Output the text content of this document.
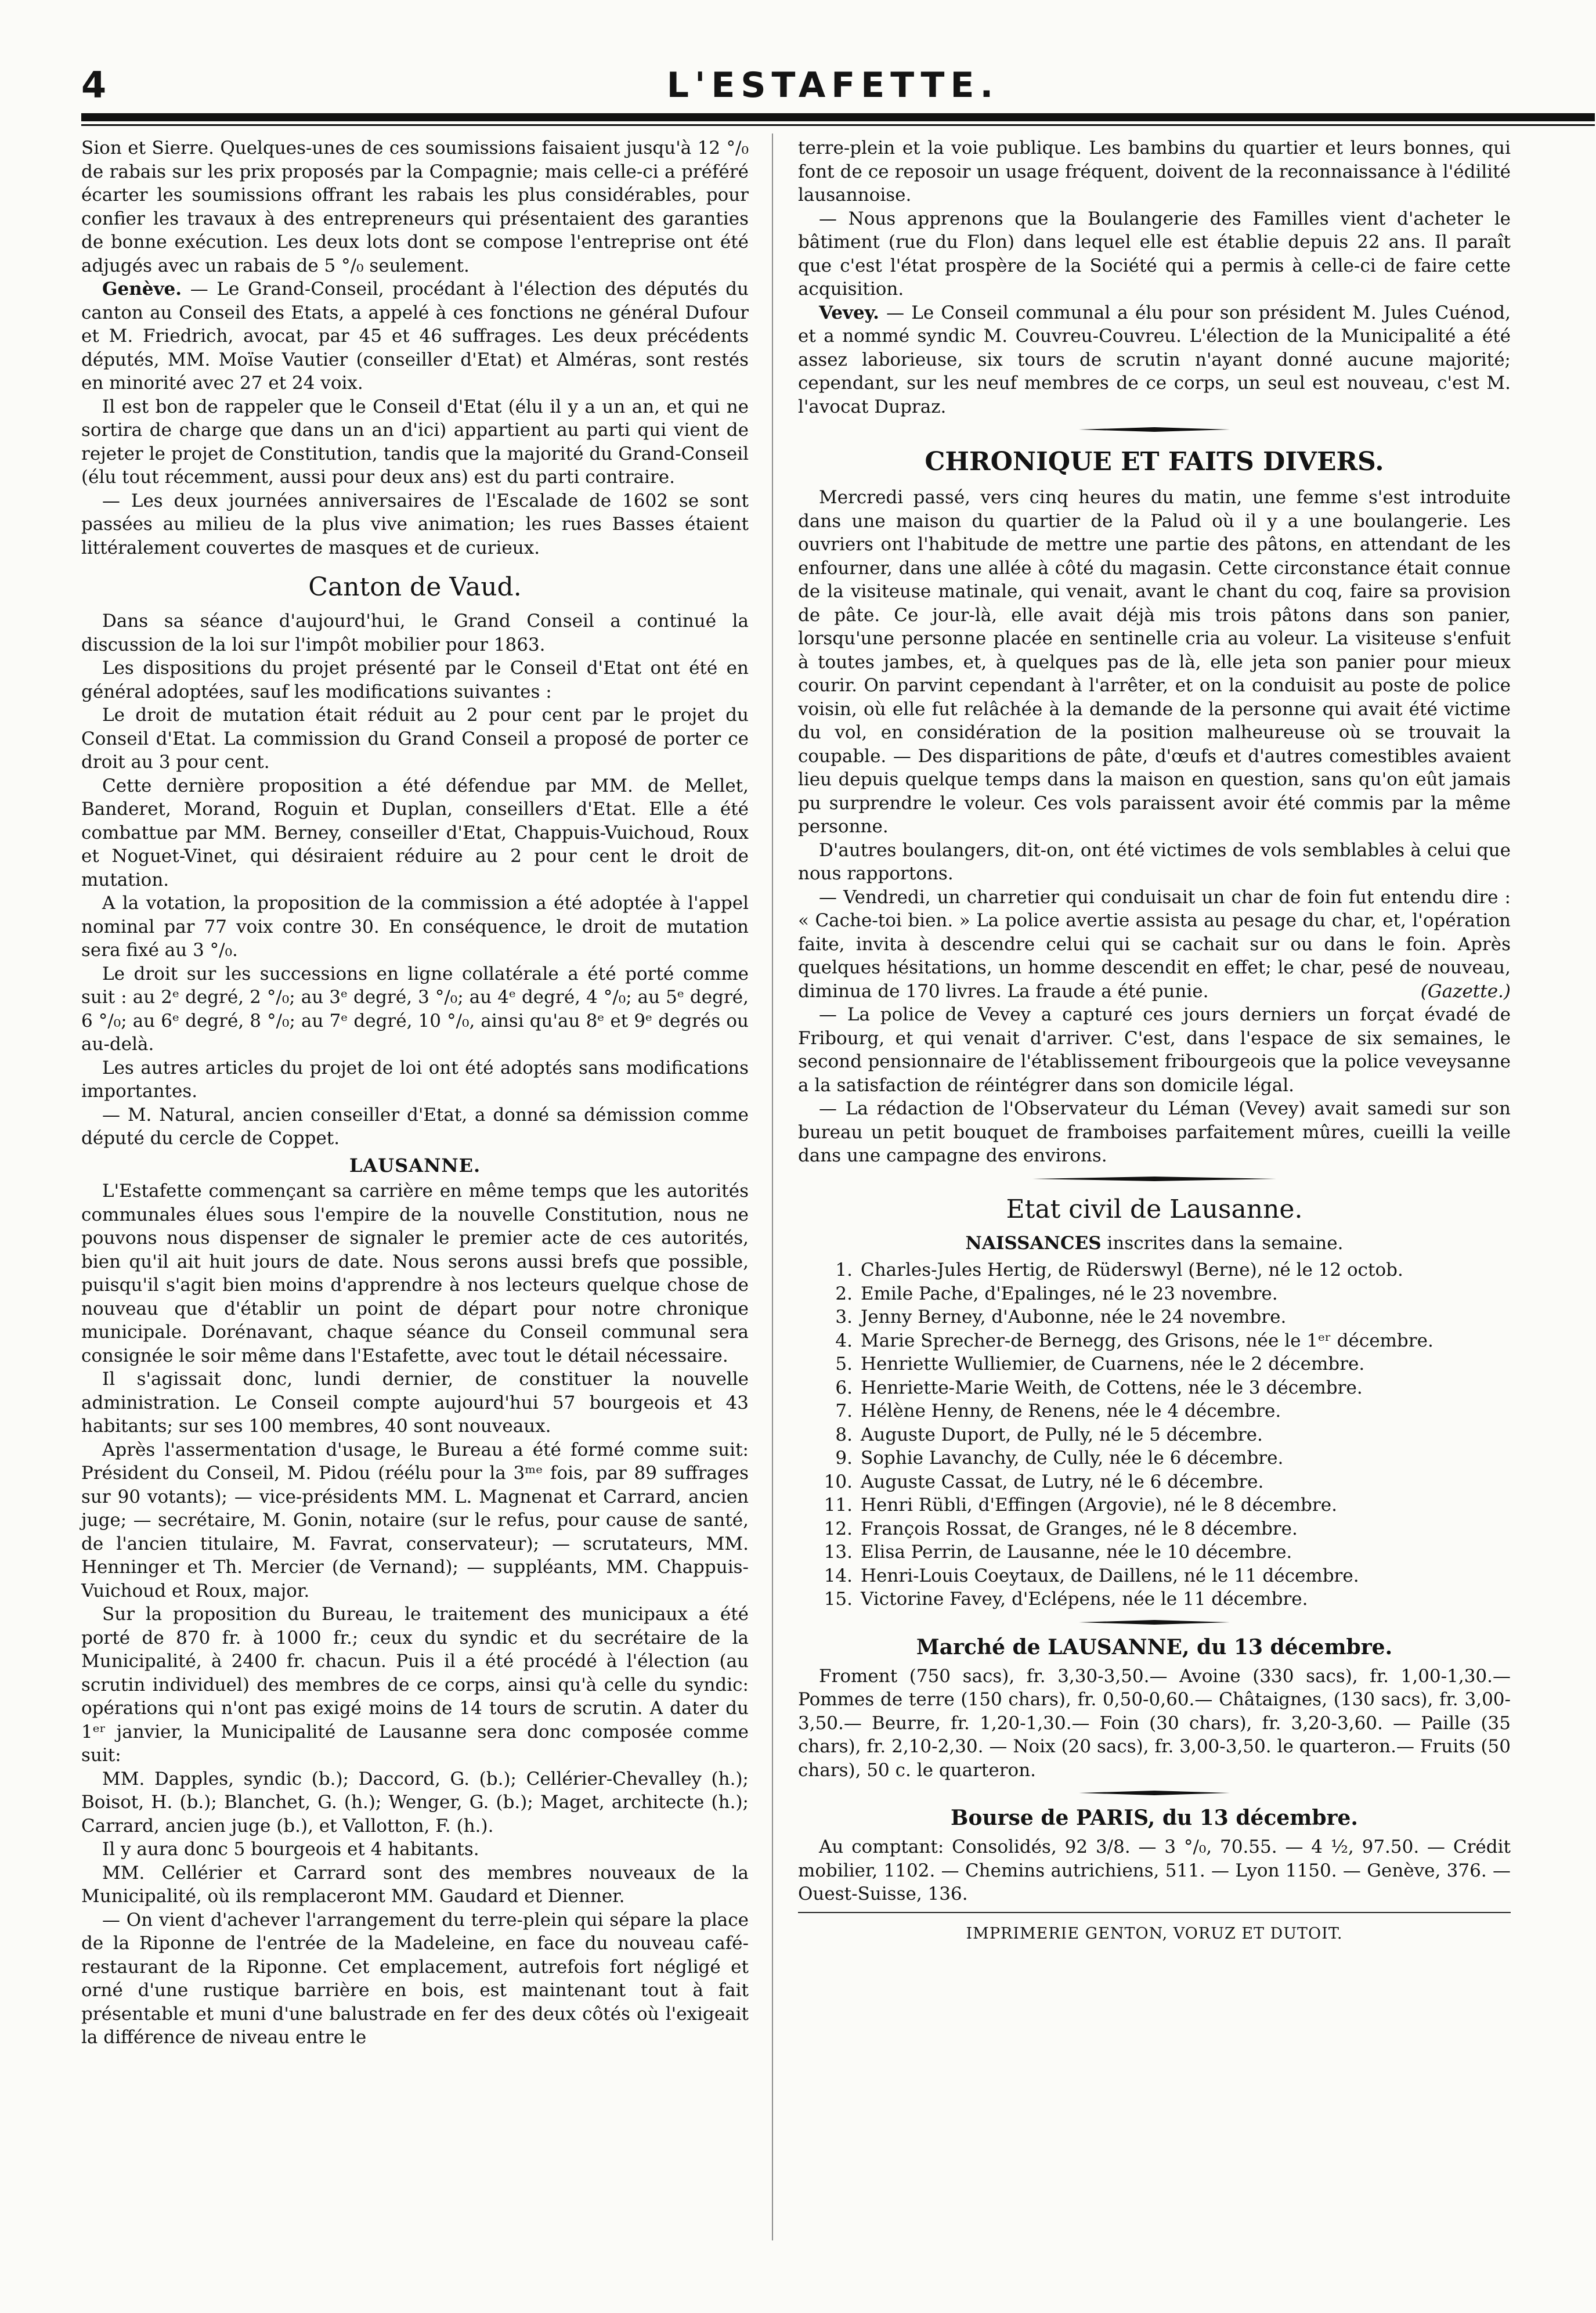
4	L'ESTAFETTE.

Sion et Sierre. Quelques-unes de ces soumissions faisaient jusqu'à 12 °/₀ de rabais sur les prix proposés par la Compagnie; mais celle-ci a préféré écarter les soumissions offrant les rabais les plus considérables, pour confier les travaux à des entrepreneurs qui présentaient des garanties de bonne exécution. Les deux lots dont se compose l'entreprise ont été adjugés avec un rabais de 5 °/₀ seulement.

Genève. — Le Grand-Conseil, procédant à l'élection des députés du canton au Conseil des Etats, a appelé à ces fonctions ne général Dufour et M. Friedrich, avocat, par 45 et 46 suffrages. Les deux précédents députés, MM. Moïse Vautier (conseiller d'Etat) et Alméras, sont restés en minorité avec 27 et 24 voix.

Il est bon de rappeler que le Conseil d'Etat (élu il y a un an, et qui ne sortira de charge que dans un an d'ici) appartient au parti qui vient de rejeter le projet de Constitution, tandis que la majorité du Grand-Conseil (élu tout récemment, aussi pour deux ans) est du parti contraire.

— Les deux journées anniversaires de l'Escalade de 1602 se sont passées au milieu de la plus vive animation; les rues Basses étaient littéralement couvertes de masques et de curieux.

Canton de Vaud.

Dans sa séance d'aujourd'hui, le Grand Conseil a continué la discussion de la loi sur l'impôt mobilier pour 1863.

Les dispositions du projet présenté par le Conseil d'Etat ont été en général adoptées, sauf les modifications suivantes :

Le droit de mutation était réduit au 2 pour cent par le projet du Conseil d'Etat. La commission du Grand Conseil a proposé de porter ce droit au 3 pour cent.

Cette dernière proposition a été défendue par MM. de Mellet, Banderet, Morand, Roguin et Duplan, conseillers d'Etat. Elle a été combattue par MM. Berney, conseiller d'Etat, Chappuis-Vuichoud, Roux et Noguet-Vinet, qui désiraient réduire au 2 pour cent le droit de mutation.

A la votation, la proposition de la commission a été adoptée à l'appel nominal par 77 voix contre 30. En conséquence, le droit de mutation sera fixé au 3 °/₀.

Le droit sur les successions en ligne collatérale a été porté comme suit : au 2ᵉ degré, 2 °/₀; au 3ᵉ degré, 3 °/₀; au 4ᵉ degré, 4 °/₀; au 5ᵉ degré, 6 °/₀; au 6ᵉ degré, 8 °/₀; au 7ᵉ degré, 10 °/₀, ainsi qu'au 8ᵉ et 9ᵉ degrés ou au-delà.

Les autres articles du projet de loi ont été adoptés sans modifications importantes.

— M. Natural, ancien conseiller d'Etat, a donné sa démission comme député du cercle de Coppet.

LAUSANNE.

L'Estafette commençant sa carrière en même temps que les autorités communales élues sous l'empire de la nouvelle Constitution, nous ne pouvons nous dispenser de signaler le premier acte de ces autorités, bien qu'il ait huit jours de date. Nous serons aussi brefs que possible, puisqu'il s'agit bien moins d'apprendre à nos lecteurs quelque chose de nouveau que d'établir un point de départ pour notre chronique municipale. Dorénavant, chaque séance du Conseil communal sera consignée le soir même dans l'Estafette, avec tout le détail nécessaire.

Il s'agissait donc, lundi dernier, de constituer la nouvelle administration. Le Conseil compte aujourd'hui 57 bourgeois et 43 habitants; sur ses 100 membres, 40 sont nouveaux.

Après l'assermentation d'usage, le Bureau a été formé comme suit: Président du Conseil, M. Pidou (réélu pour la 3ᵐᵉ fois, par 89 suffrages sur 90 votants); — vice-présidents MM. L. Magnenat et Carrard, ancien juge; — secrétaire, M. Gonin, notaire (sur le refus, pour cause de santé, de l'ancien titulaire, M. Favrat, conservateur); — scrutateurs, MM. Henninger et Th. Mercier (de Vernand); — suppléants, MM. Chappuis-Vuichoud et Roux, major.

Sur la proposition du Bureau, le traitement des municipaux a été porté de 870 fr. à 1000 fr.; ceux du syndic et du secrétaire de la Municipalité, à 2400 fr. chacun. Puis il a été procédé à l'élection (au scrutin individuel) des membres de ce corps, ainsi qu'à celle du syndic: opérations qui n'ont pas exigé moins de 14 tours de scrutin. A dater du 1ᵉʳ janvier, la Municipalité de Lausanne sera donc composée comme suit:

MM. Dapples, syndic (b.); Daccord, G. (b.); Cellérier-Chevalley (h.); Boisot, H. (b.); Blanchet, G. (h.); Wenger, G. (b.); Maget, architecte (h.); Carrard, ancien juge (b.), et Vallotton, F. (h.).

Il y aura donc 5 bourgeois et 4 habitants.

MM. Cellérier et Carrard sont des membres nouveaux de la Municipalité, où ils remplaceront MM. Gaudard et Dienner.

— On vient d'achever l'arrangement du terre-plein qui sépare la place de la Riponne de l'entrée de la Madeleine, en face du nouveau café-restaurant de la Riponne. Cet emplacement, autrefois fort négligé et orné d'une rustique barrière en bois, est maintenant tout à fait présentable et muni d'une balustrade en fer des deux côtés où l'exigeait la différence de niveau entre le

terre-plein et la voie publique. Les bambins du quartier et leurs bonnes, qui font de ce reposoir un usage fréquent, doivent de la reconnaissance à l'édilité lausannoise.

— Nous apprenons que la Boulangerie des Familles vient d'acheter le bâtiment (rue du Flon) dans lequel elle est établie depuis 22 ans. Il paraît que c'est l'état prospère de la Société qui a permis à celle-ci de faire cette acquisition.

Vevey. — Le Conseil communal a élu pour son président M. Jules Cuénod, et a nommé syndic M. Couvreu-Couvreu. L'élection de la Municipalité a été assez laborieuse, six tours de scrutin n'ayant donné aucune majorité; cependant, sur les neuf membres de ce corps, un seul est nouveau, c'est M. l'avocat Dupraz.

CHRONIQUE ET FAITS DIVERS.

Mercredi passé, vers cinq heures du matin, une femme s'est introduite dans une maison du quartier de la Palud où il y a une boulangerie. Les ouvriers ont l'habitude de mettre une partie des pâtons, en attendant de les enfourner, dans une allée à côté du magasin. Cette circonstance était connue de la visiteuse matinale, qui venait, avant le chant du coq, faire sa provision de pâte. Ce jour-là, elle avait déjà mis trois pâtons dans son panier, lorsqu'une personne placée en sentinelle cria au voleur. La visiteuse s'enfuit à toutes jambes, et, à quelques pas de là, elle jeta son panier pour mieux courir. On parvint cependant à l'arrêter, et on la conduisit au poste de police voisin, où elle fut relâchée à la demande de la personne qui avait été victime du vol, en considération de la position malheureuse où se trouvait la coupable. — Des disparitions de pâte, d'œufs et d'autres comestibles avaient lieu depuis quelque temps dans la maison en question, sans qu'on eût jamais pu surprendre le voleur. Ces vols paraissent avoir été commis par la même personne.

D'autres boulangers, dit-on, ont été victimes de vols semblables à celui que nous rapportons.

— Vendredi, un charretier qui conduisait un char de foin fut entendu dire : « Cache-toi bien. » La police avertie assista au pesage du char, et, l'opération faite, invita à descendre celui qui se cachait sur ou dans le foin. Après quelques hésitations, un homme descendit en effet; le char, pesé de nouveau, diminua de 170 livres. La fraude a été punie.	(Gazette.)

— La police de Vevey a capturé ces jours derniers un forçat évadé de Fribourg, et qui venait d'arriver. C'est, dans l'espace de six semaines, le second pensionnaire de l'établissement fribourgeois que la police veveysanne a la satisfaction de réintégrer dans son domicile légal.

— La rédaction de l'Observateur du Léman (Vevey) avait samedi sur son bureau un petit bouquet de framboises parfaitement mûres, cueilli la veille dans une campagne des environs.

Etat civil de Lausanne.
NAISSANCES inscrites dans la semaine.
1. Charles-Jules Hertig, de Rüderswyl (Berne), né le 12 octob.
2. Emile Pache, d'Epalinges, né le 23 novembre.
3. Jenny Berney, d'Aubonne, née le 24 novembre.
4. Marie Sprecher-de Bernegg, des Grisons, née le 1ᵉʳ décembre.
5. Henriette Wulliemier, de Cuarnens, née le 2 décembre.
6. Henriette-Marie Weith, de Cottens, née le 3 décembre.
7. Hélène Henny, de Renens, née le 4 décembre.
8. Auguste Duport, de Pully, né le 5 décembre.
9. Sophie Lavanchy, de Cully, née le 6 décembre.
10. Auguste Cassat, de Lutry, né le 6 décembre.
11. Henri Rübli, d'Effingen (Argovie), né le 8 décembre.
12. François Rossat, de Granges, né le 8 décembre.
13. Elisa Perrin, de Lausanne, née le 10 décembre.
14. Henri-Louis Coeytaux, de Daillens, né le 11 décembre.
15. Victorine Favey, d'Eclépens, née le 11 décembre.
Marché de LAUSANNE, du 13 décembre.

Froment (750 sacs), fr. 3,30-3,50.— Avoine (330 sacs), fr. 1,00-1,30.— Pommes de terre (150 chars), fr. 0,50-0,60.— Châtaignes, (130 sacs), fr. 3,00-3,50.— Beurre, fr. 1,20-1,30.— Foin (30 chars), fr. 3,20-3,60. — Paille (35 chars), fr. 2,10-2,30. — Noix (20 sacs), fr. 3,00-3,50. le quarteron.— Fruits (50 chars), 50 c. le quarteron.

Bourse de PARIS, du 13 décembre.

Au comptant: Consolidés, 92 3/8. — 3 °/₀, 70.55. — 4 ½, 97.50. — Crédit mobilier, 1102. — Chemins autrichiens, 511. — Lyon 1150. — Genève, 376. — Ouest-Suisse, 136.

IMPRIMERIE GENTON, VORUZ ET DUTOIT.
